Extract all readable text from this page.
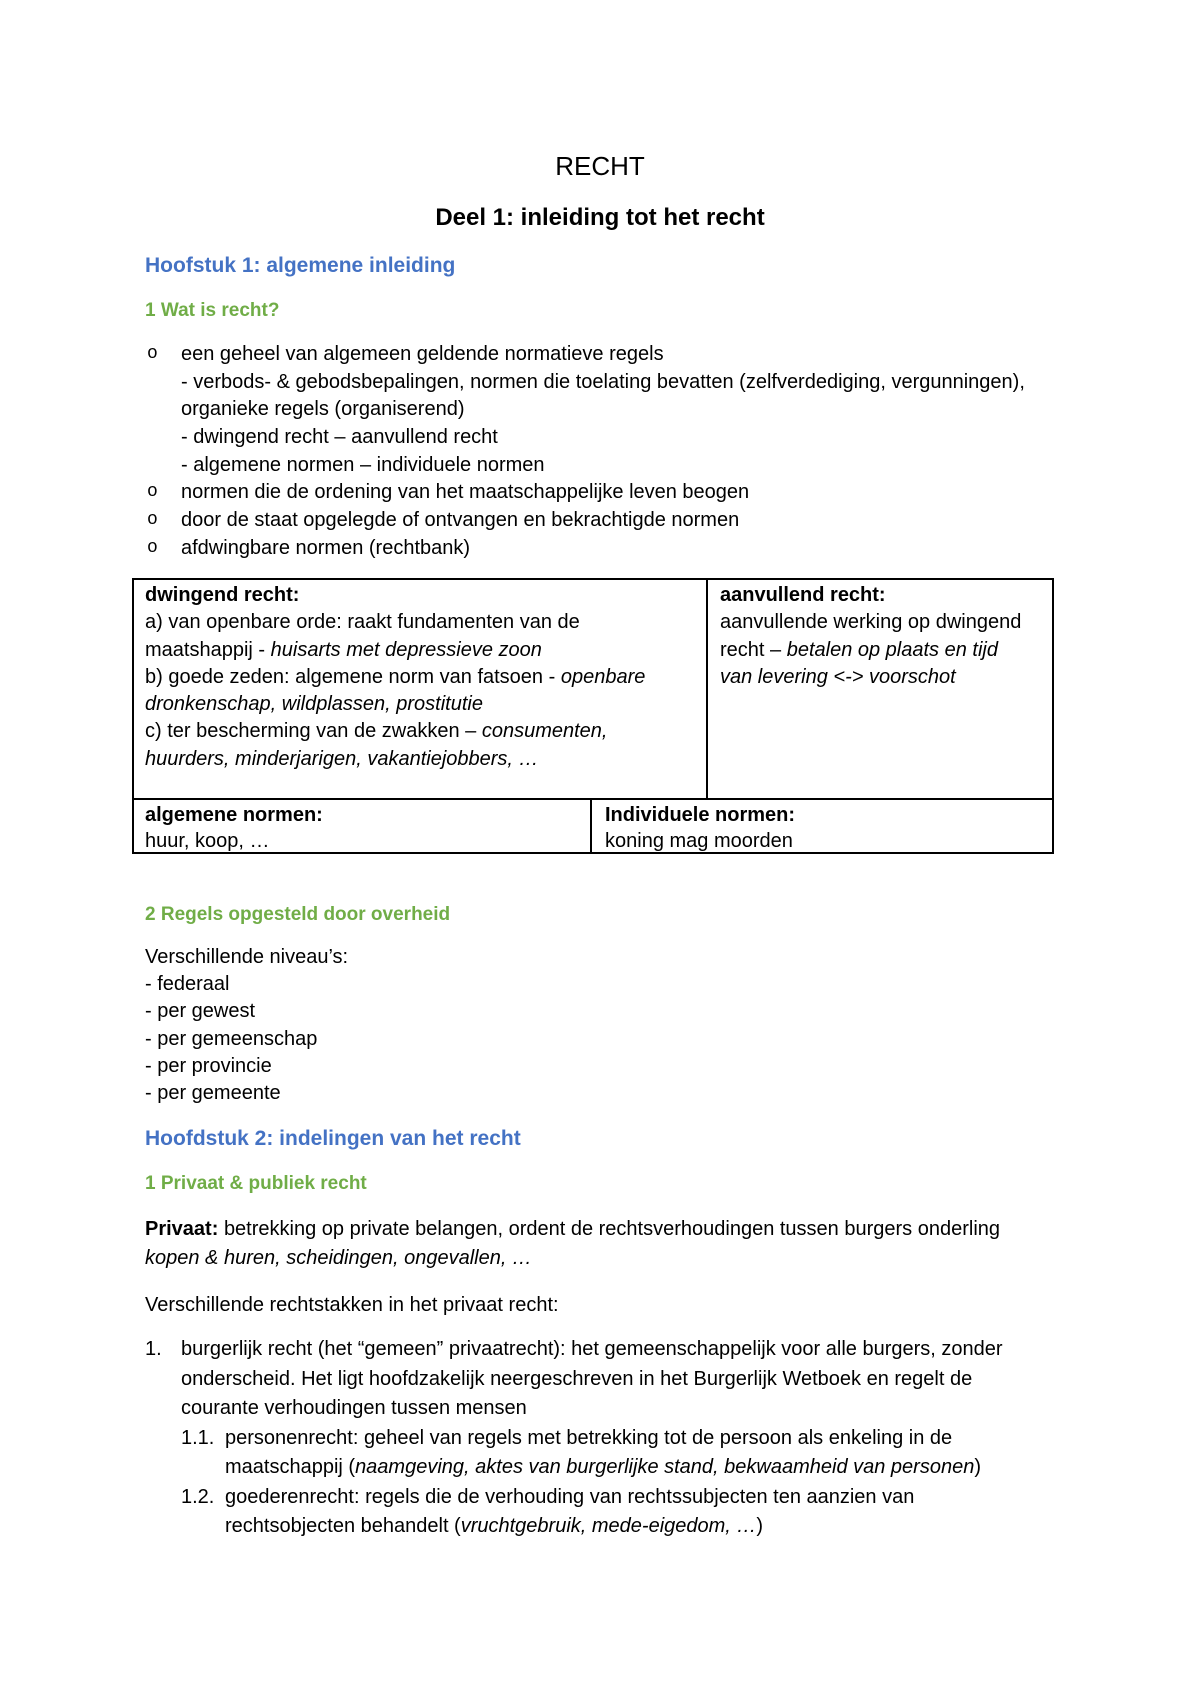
RECHT
Deel 1: inleiding tot het recht
Hoofstuk 1: algemene inleiding
1 Wat is recht?
o een geheel van algemeen geldende normatieve regels
- verbods- & gebodsbepalingen, normen die toelating bevatten (zelfverdediging, vergunningen),
organieke regels (organiserend)
- dwingend recht – aanvullend recht
- algemene normen – individuele normen
o normen die de ordening van het maatschappelijke leven beogen
o door de staat opgelegde of ontvangen en bekrachtigde normen
o afdwingbare normen (rechtbank)
dwingend recht:
a) van openbare orde: raakt fundamenten van de
maatshappij - huisarts met depressieve zoon
b) goede zeden: algemene norm van fatsoen - openbare
dronkenschap, wildplassen, prostitutie
c) ter bescherming van de zwakken – consumenten,
huurders, minderjarigen, vakantiejobbers, …
aanvullend recht:
aanvullende werking op dwingend
recht – betalen op plaats en tijd
van levering <-> voorschot
algemene normen:
huur, koop, …
Individuele normen:
koning mag moorden
2 Regels opgesteld door overheid
Verschillende niveau’s:
- federaal
- per gewest
- per gemeenschap
- per provincie
- per gemeente
Hoofdstuk 2: indelingen van het recht
1 Privaat & publiek recht
Privaat: betrekking op private belangen, ordent de rechtsverhoudingen tussen burgers onderling
kopen & huren, scheidingen, ongevallen, …
Verschillende rechtstakken in het privaat recht:
1. burgerlijk recht (het “gemeen” privaatrecht): het gemeenschappelijk voor alle burgers, zonder
onderscheid. Het ligt hoofdzakelijk neergeschreven in het Burgerlijk Wetboek en regelt de
courante verhoudingen tussen mensen
1.1. personenrecht: geheel van regels met betrekking tot de persoon als enkeling in de
maatschappij (naamgeving, aktes van burgerlijke stand, bekwaamheid van personen)
1.2. goederenrecht: regels die de verhouding van rechtssubjecten ten aanzien van
rechtsobjecten behandelt (vruchtgebruik, mede-eigedom, …)
